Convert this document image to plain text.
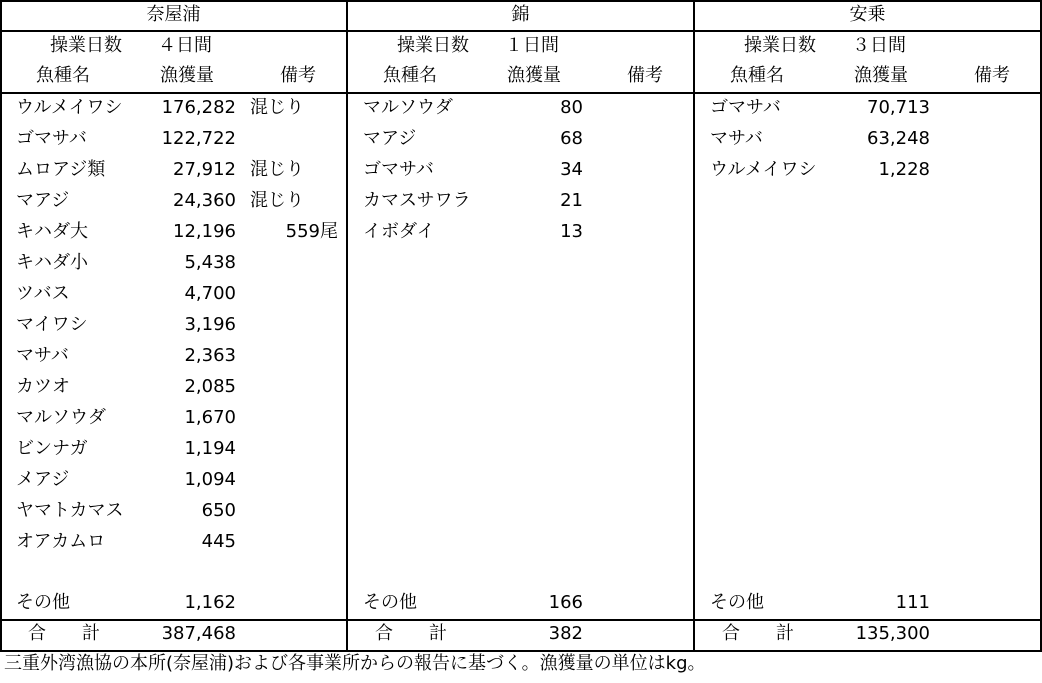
奈屋浦
操業日数 ４日間
魚種名	漁獲量	備考
ウルメイワシ	176,282 混じり
ゴマサバ	122,722
ムロアジ類	27,912 混じり
マアジ	24,360 混じり
キハダ大	12,196	559尾
キハダ小	5,438
ツバス	4,700
マイワシ	3,196
マサバ	2,363
カツオ	2,085
マルソウダ	1,670
ビンナガ	1,194
メアジ	1,094
ヤマトカマス	650
オアカムロ	445
その他	1,162
合　　計	387,468
錦
操業日数 １日間
魚種名	漁獲量	備考
マルソウダ	80
マアジ	68
ゴマサバ	34
カマスサワラ	21
イボダイ	13
その他	166
合　　計	382
安乗
操業日数 ３日間
魚種名	漁獲量	備考
ゴマサバ	70,713
マサバ	63,248
ウルメイワシ	1,228
その他	111
合　　計	135,300
三重外湾漁協の本所(奈屋浦)および各事業所からの報告に基づく。漁獲量の単位はkg。
